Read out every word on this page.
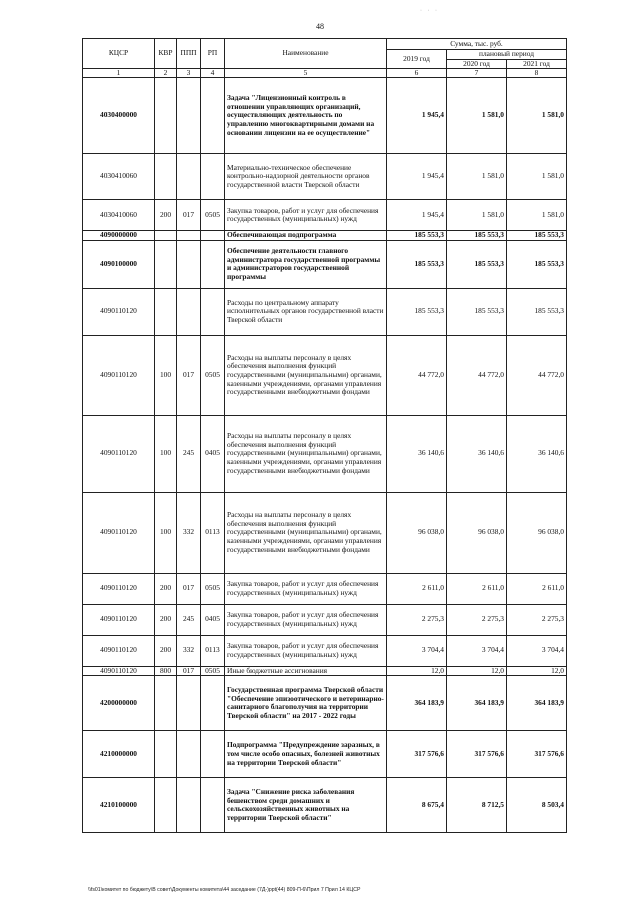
· · ·
48
КЦСР	КВР	ППП	РП	Наименование	Сумма, тыс. руб.		
					2019 год	плановый период	
						2020 год	2021 год
1	2	3	4	5	6	7	8
4030400000				Задача "Лицензионный контроль в отношении управляющих организаций, осуществляющих деятельность по управлению многоквартирными домами на основании лицензии на ее осуществление"	1 945,4	1 581,0	1 581,0
4030410060				Материально-техническое обеспечение контрольно-надзорной деятельности органов государственной власти Тверской области	1 945,4	1 581,0	1 581,0
4030410060	200	017	0505	Закупка товаров, работ и услуг для обеспечения государственных (муниципальных) нужд	1 945,4	1 581,0	1 581,0
4090000000				Обеспечивающая подпрограмма	185 553,3	185 553,3	185 553,3
4090100000				Обеспечение деятельности главного администратора государственной программы и администраторов государственной программы	185 553,3	185 553,3	185 553,3
4090110120				Расходы по центральному аппарату исполнительных органов государственной власти Тверской области	185 553,3	185 553,3	185 553,3
4090110120	100	017	0505	Расходы на выплаты персоналу в целях обеспечения выполнения функций государственными (муниципальными) органами, казенными учреждениями, органами управления государственными внебюджетными фондами	44 772,0	44 772,0	44 772,0
4090110120	100	245	0405	Расходы на выплаты персоналу в целях обеспечения выполнения функций государственными (муниципальными) органами, казенными учреждениями, органами управления государственными внебюджетными фондами	36 140,6	36 140,6	36 140,6
4090110120	100	332	0113	Расходы на выплаты персоналу в целях обеспечения выполнения функций государственными (муниципальными) органами, казенными учреждениями, органами управления государственными внебюджетными фондами	96 038,0	96 038,0	96 038,0
4090110120	200	017	0505	Закупка товаров, работ и услуг для обеспечения государственных (муниципальных) нужд	2 611,0	2 611,0	2 611,0
4090110120	200	245	0405	Закупка товаров, работ и услуг для обеспечения государственных (муниципальных) нужд	2 275,3	2 275,3	2 275,3
4090110120	200	332	0113	Закупка товаров, работ и услуг для обеспечения государственных (муниципальных) нужд	3 704,4	3 704,4	3 704,4
4090110120	800	017	0505	Иные бюджетные ассигнования	12,0	12,0	12,0
4200000000				Государственная программа Тверской области "Обеспечение эпизоотического и ветеринарно-санитарного благополучия на территории Тверской области" на 2017 - 2022 годы	364 183,9	364 183,9	364 183,9
4210000000				Подпрограмма "Предупреждение заразных, в том числе особо опасных, болезней животных на территории Тверской области"	317 576,6	317 576,6	317 576,6
4210100000				Задача "Снижение риска заболевания бешенством среди домашних и сельскохозяйственных животных на территории Тверской области"	8 675,4	8 712,5	8 503,4
\\fs01\комитет по бюджету\В совет\Документы комитета\44 заседание (7Д-)ppt(44) 809-П-6\Прил 7 Прил 14 КЦСР
